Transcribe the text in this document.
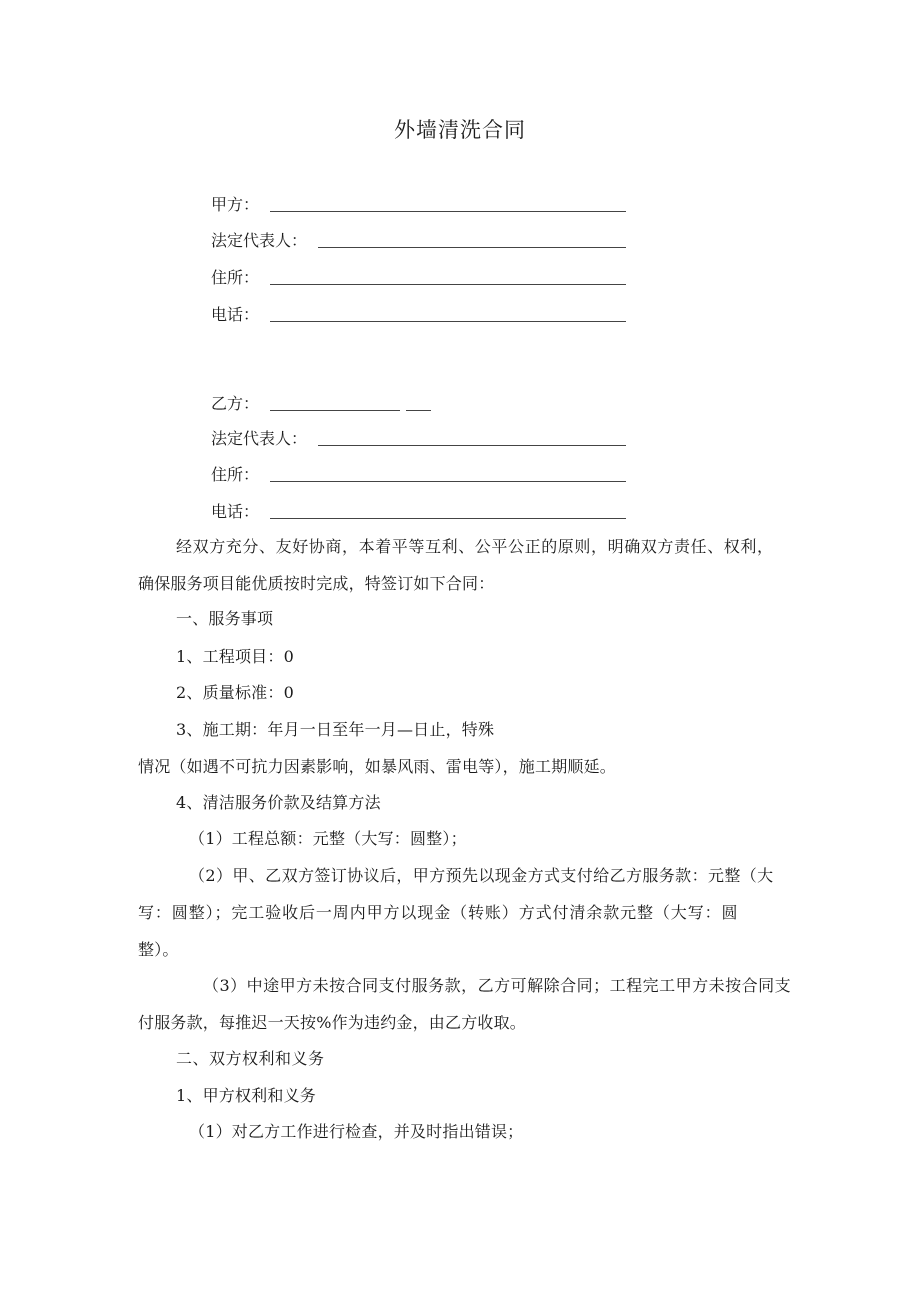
外墙清洗合同
甲方：
法定代表人：
住所：
电话：
乙方：
法定代表人：
住所：
电话：
经双方充分、友好协商，本着平等互利、公平公正的原则，明确双方责任、权利，
确保服务项目能优质按时完成，特签订如下合同：
一、服务事项
1、工程项目：0
2、质量标准：0
3、施工期：年月一日至年一月—日止，特殊
情况（如遇不可抗力因素影响，如暴风雨、雷电等），施工期顺延。
4、清洁服务价款及结算方法
（1）工程总额：元整（大写：圆整）；
（2）甲、乙双方签订协议后，甲方预先以现金方式支付给乙方服务款：元整（大
写：圆整）；完工验收后一周内甲方以现金（转账）方式付清余款元整（大写：圆
整）。
（3）中途甲方未按合同支付服务款，乙方可解除合同；工程完工甲方未按合同支
付服务款，每推迟一天按%作为违约金，由乙方收取。
二、双方权利和义务
1、甲方权利和义务
（1）对乙方工作进行检查，并及时指出错误；
